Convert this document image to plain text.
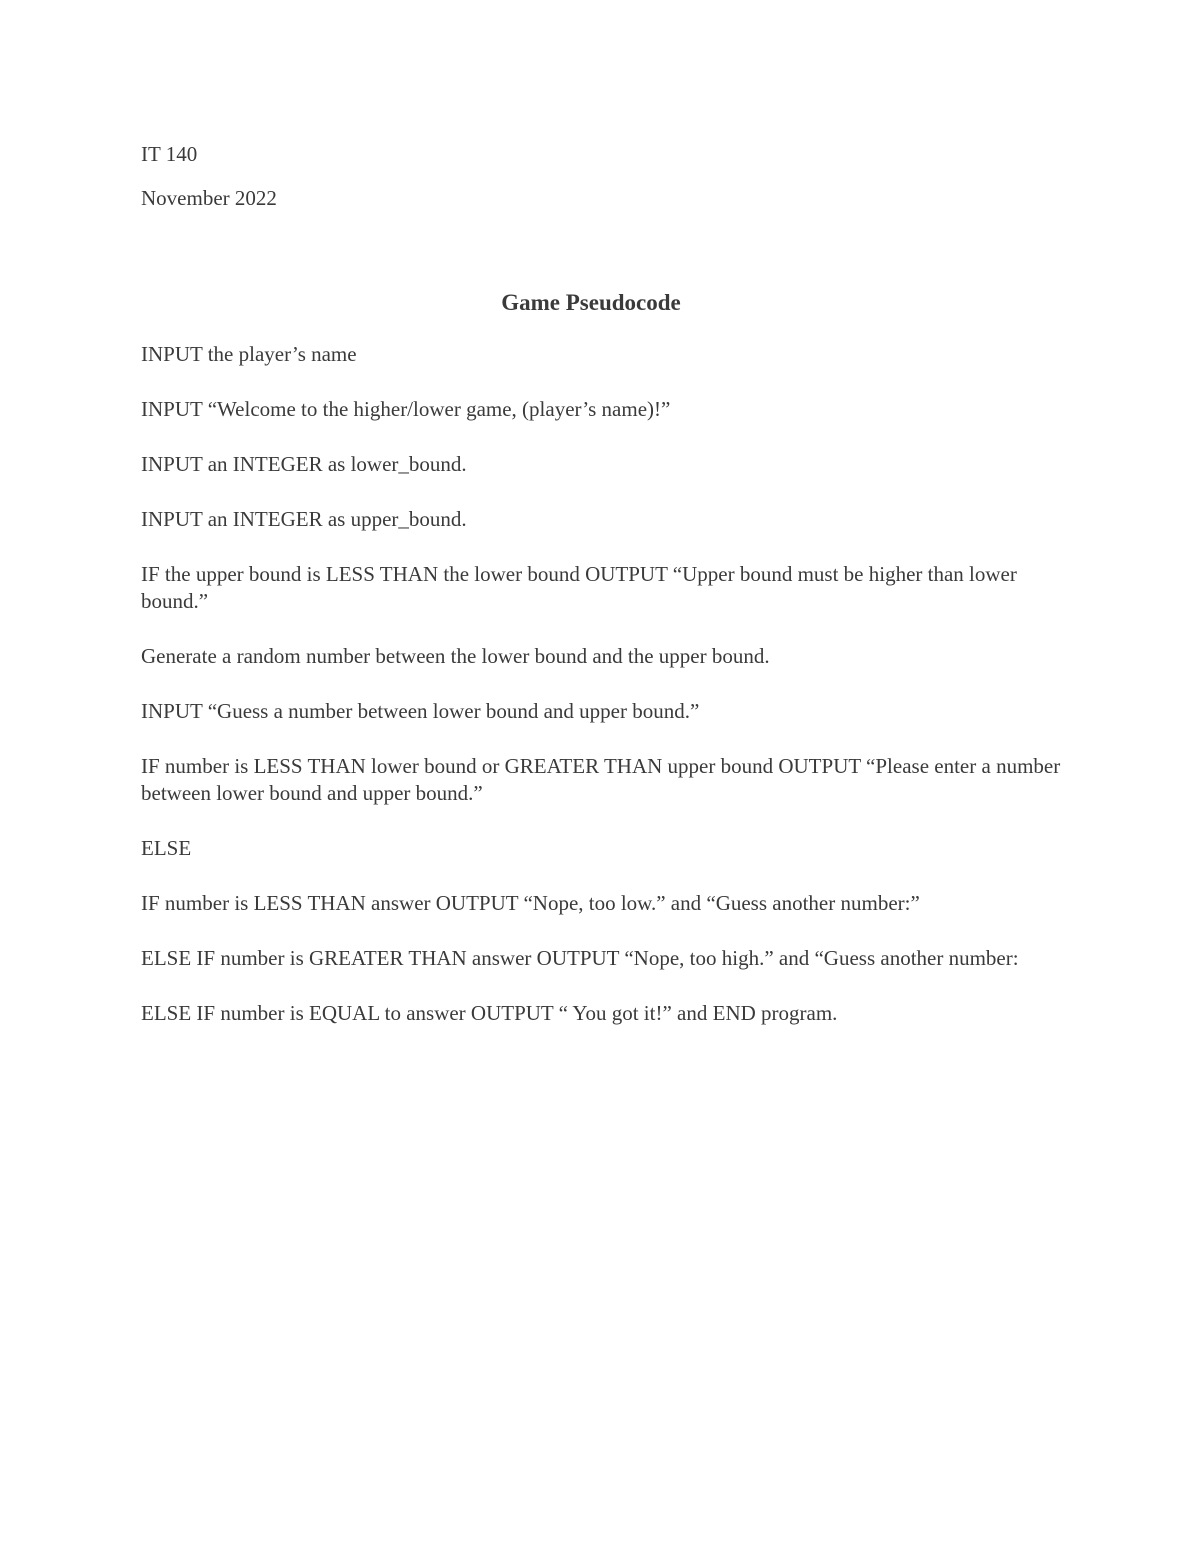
IT 140
November 2022
Game Pseudocode
INPUT the player’s name
INPUT “Welcome to the higher/lower game, (player’s name)!”
INPUT an INTEGER as lower_bound.
INPUT an INTEGER as upper_bound.
IF the upper bound is LESS THAN the lower bound OUTPUT “Upper bound must be higher than lower bound.”
Generate a random number between the lower bound and the upper bound.
INPUT “Guess a number between lower bound and upper bound.”
IF number is LESS THAN lower bound or GREATER THAN upper bound OUTPUT “Please enter a number between lower bound and upper bound.”
ELSE
IF number is LESS THAN answer OUTPUT “Nope, too low.” and “Guess another number:”
ELSE IF number is GREATER THAN answer OUTPUT “Nope, too high.” and “Guess another number:
ELSE IF number is EQUAL to answer OUTPUT “ You got it!” and END program.
